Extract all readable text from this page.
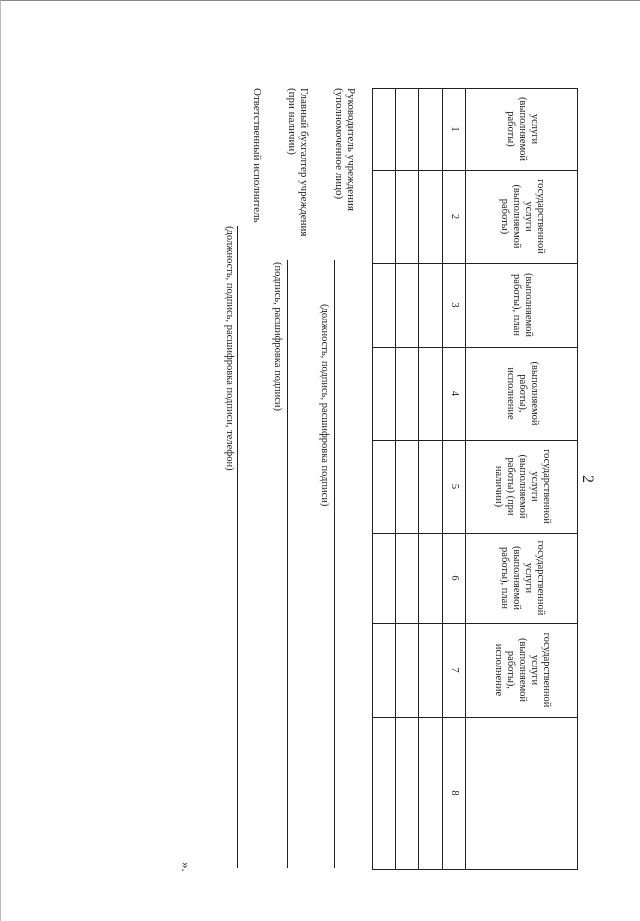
2
услуги (выполняемой работы)
государственной услуги (выполняемой работы)
(выполняемой работы), план
(выполняемой работы), исполнение
государственной услуги (выполняемой работы) (при наличии)
государственной услуги (выполняемой работы), план
государственной услуги (выполняемой работы), исполнение
1
2
3
4
5
6
7
8
Руководитель учреждения
(уполномоченное лицо)
(должность, подпись, расшифровка подписи)
Главный бухгалтер учреждения
(при наличии)
(подпись, расшифровка подписи)
Ответственный исполнитель
(должность, подпись, расшифровка подписи, телефон)
».
